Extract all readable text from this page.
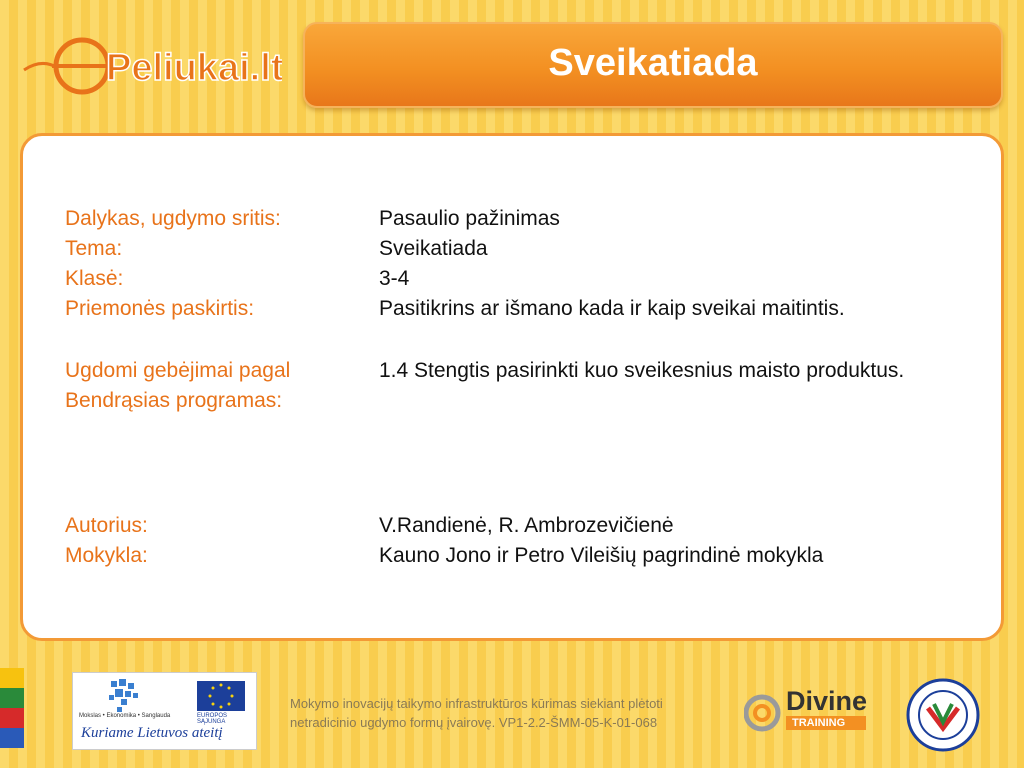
Peliukai.lt	Sveikatiada
Dalykas, ugdymo sritis:	Pasaulio pažinimas
Tema:	Sveikatiada
Klasė:	3-4
Priemonės paskirtis:	Pasitikrins ar išmano kada ir kaip sveikai maitintis.
Ugdomi gebėjimai pagal
Bendrąsias programas:
1.4 Stengtis pasirinkti kuo sveikesnius maisto produktus.
Autorius:	V.Randienė, R. Ambrozevičienė
Mokykla:	Kauno Jono ir Petro Vileišių pagrindinė mokykla
Mokslas • Ekonomika • Sanglauda	EUROPOS SĄJUNGA
Kuriame Lietuvos ateitį
Mokymo inovacijų taikymo infrastruktūros kūrimas siekiant plėtoti netradicinio ugdymo formų įvairovę. VP1-2.2-ŠMM-05-K-01-068
Divine
TRAINING
